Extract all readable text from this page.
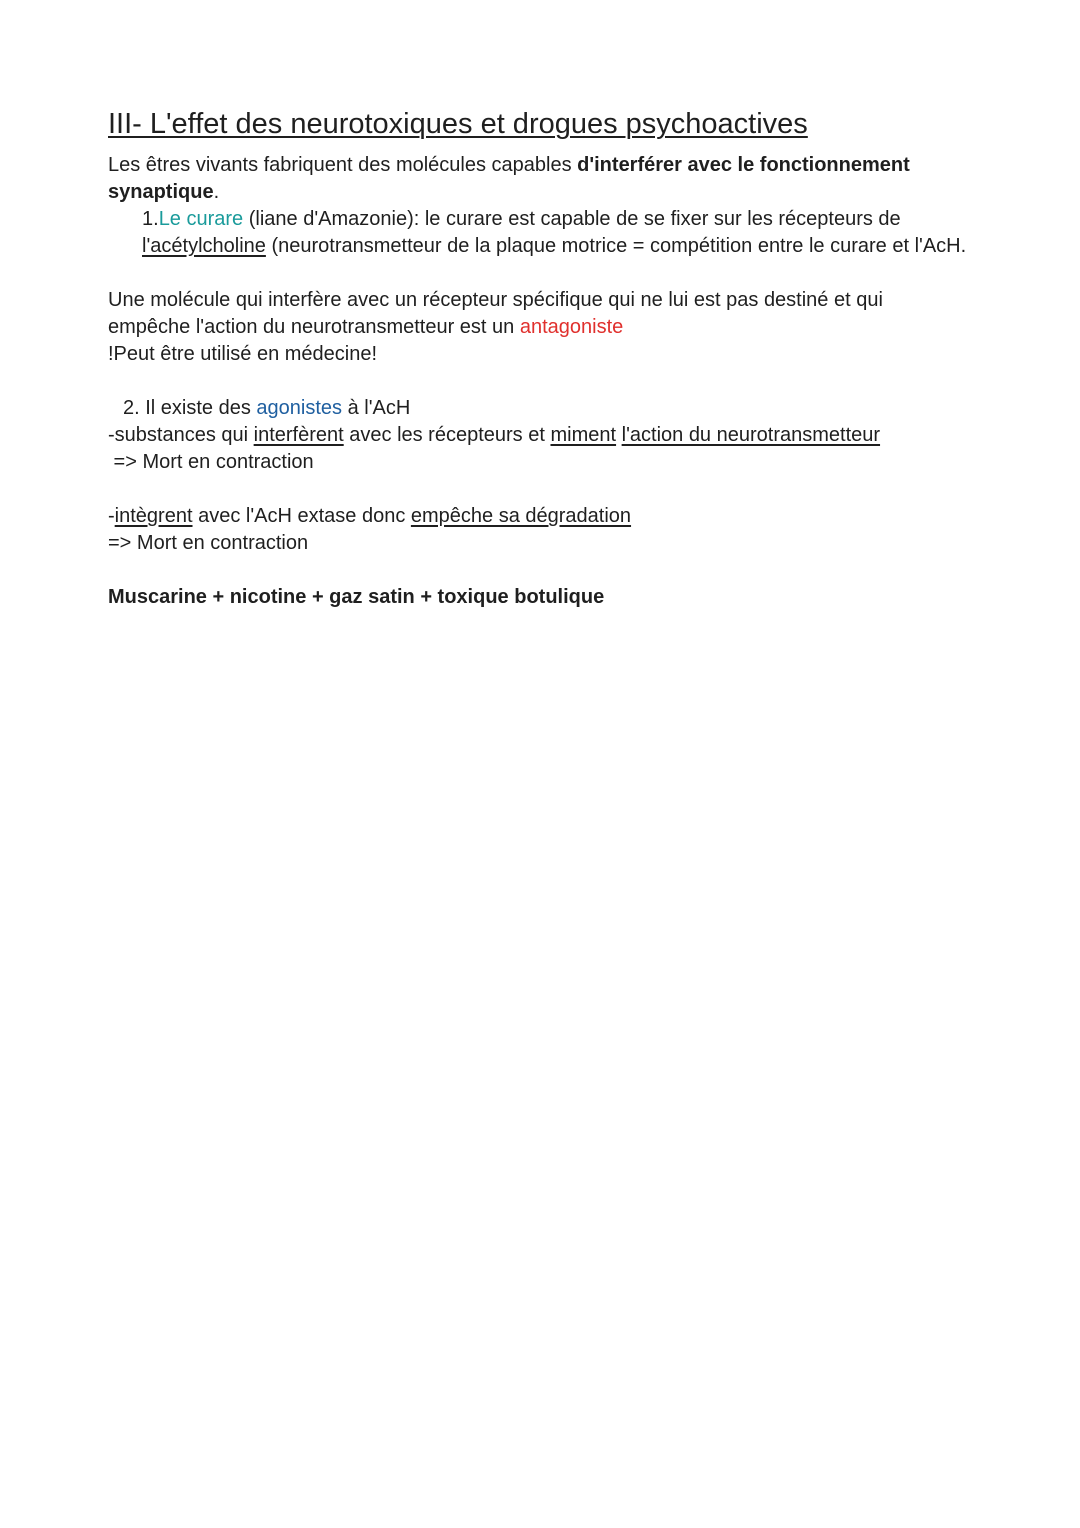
III- L'effet des neurotoxiques et drogues psychoactives

Les êtres vivants fabriquent des molécules capables d'interférer avec le fonctionnement synaptique.

1.Le curare (liane d'Amazonie): le curare est capable de se fixer sur les récepteurs de l'acétylcholine (neurotransmetteur de la plaque motrice = compétition entre le curare et l'AcH.

Une molécule qui interfère avec un récepteur spécifique qui ne lui est pas destiné et qui empêche l'action du neurotransmetteur est un antagoniste

!Peut être utilisé en médecine!

2. Il existe des agonistes à l'AcH

-substances qui interfèrent avec les récepteurs et miment l'action du neurotransmetteur

=> Mort en contraction

-intègrent avec l'AcH extase donc empêche sa dégradation

=> Mort en contraction

Muscarine + nicotine + gaz satin + toxique botulique
